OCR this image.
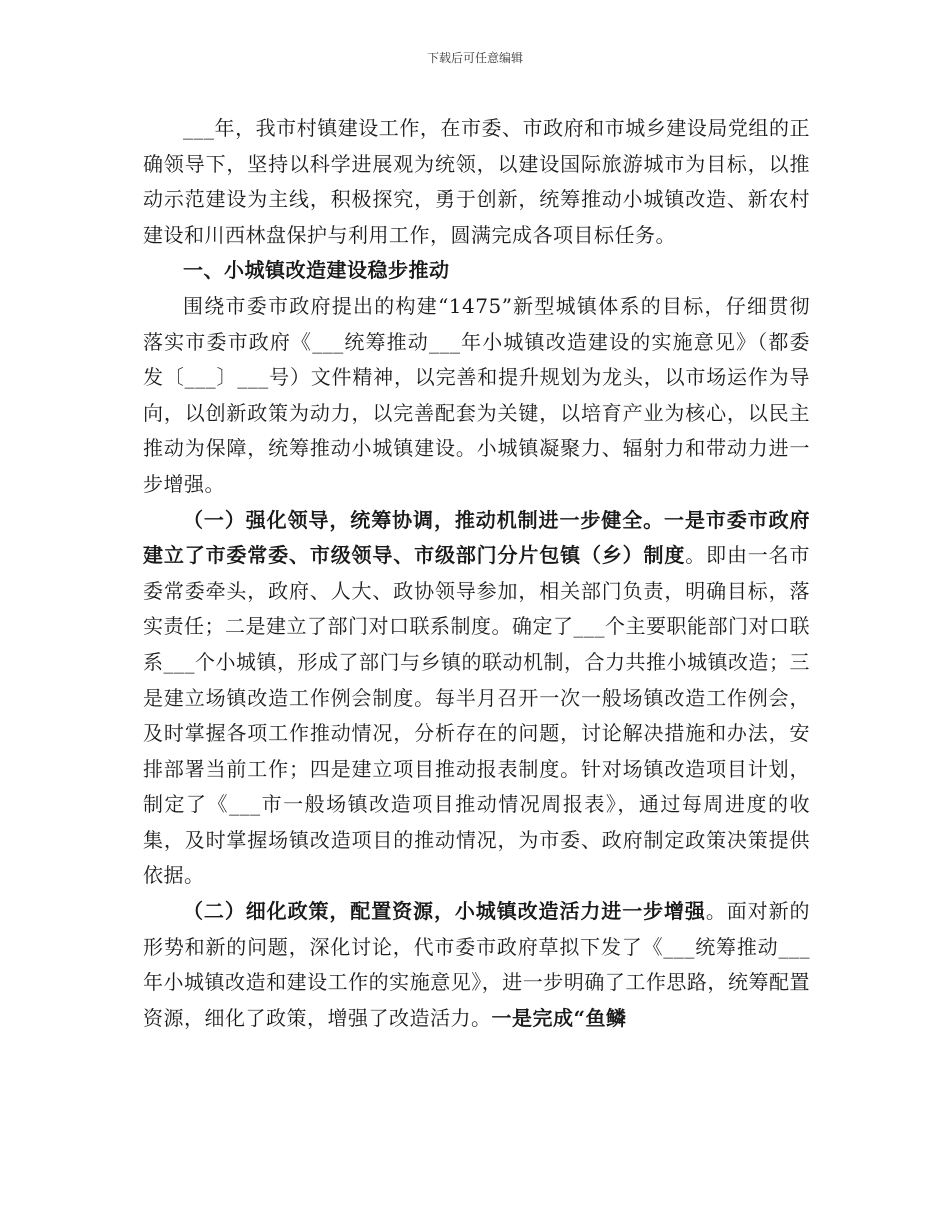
下载后可任意编辑

___年，我市村镇建设工作，在市委、市政府和市城乡建设局党组的正确领导下，坚持以科学进展观为统领，以建设国际旅游城市为目标，以推动示范建设为主线，积极探究，勇于创新，统筹推动小城镇改造、新农村建设和川西林盘保护与利用工作，圆满完成各项目标任务。

一、小城镇改造建设稳步推动

围绕市委市政府提出的构建“1475”新型城镇体系的目标，仔细贯彻落实市委市政府《___统筹推动___年小城镇改造建设的实施意见》（都委发〔___〕___号）文件精神，以完善和提升规划为龙头，以市场运作为导向，以创新政策为动力，以完善配套为关键，以培育产业为核心，以民主推动为保障，统筹推动小城镇建设。小城镇凝聚力、辐射力和带动力进一步增强。

（一）强化领导，统筹协调，推动机制进一步健全。一是市委市政府建立了市委常委、市级领导、市级部门分片包镇（乡）制度。即由一名市委常委牵头，政府、人大、政协领导参加，相关部门负责，明确目标，落实责任；二是建立了部门对口联系制度。确定了___个主要职能部门对口联系___个小城镇，形成了部门与乡镇的联动机制，合力共推小城镇改造；三是建立场镇改造工作例会制度。每半月召开一次一般场镇改造工作例会，及时掌握各项工作推动情况，分析存在的问题，讨论解决措施和办法，安排部署当前工作；四是建立项目推动报表制度。针对场镇改造项目计划，制定了《___市一般场镇改造项目推动情况周报表》，通过每周进度的收集，及时掌握场镇改造项目的推动情况，为市委、政府制定政策决策提供依据。

（二）细化政策，配置资源，小城镇改造活力进一步增强。面对新的形势和新的问题，深化讨论，代市委市政府草拟下发了《___统筹推动___年小城镇改造和建设工作的实施意见》，进一步明确了工作思路，统筹配置资源，细化了政策，增强了改造活力。一是完成“鱼鳞
